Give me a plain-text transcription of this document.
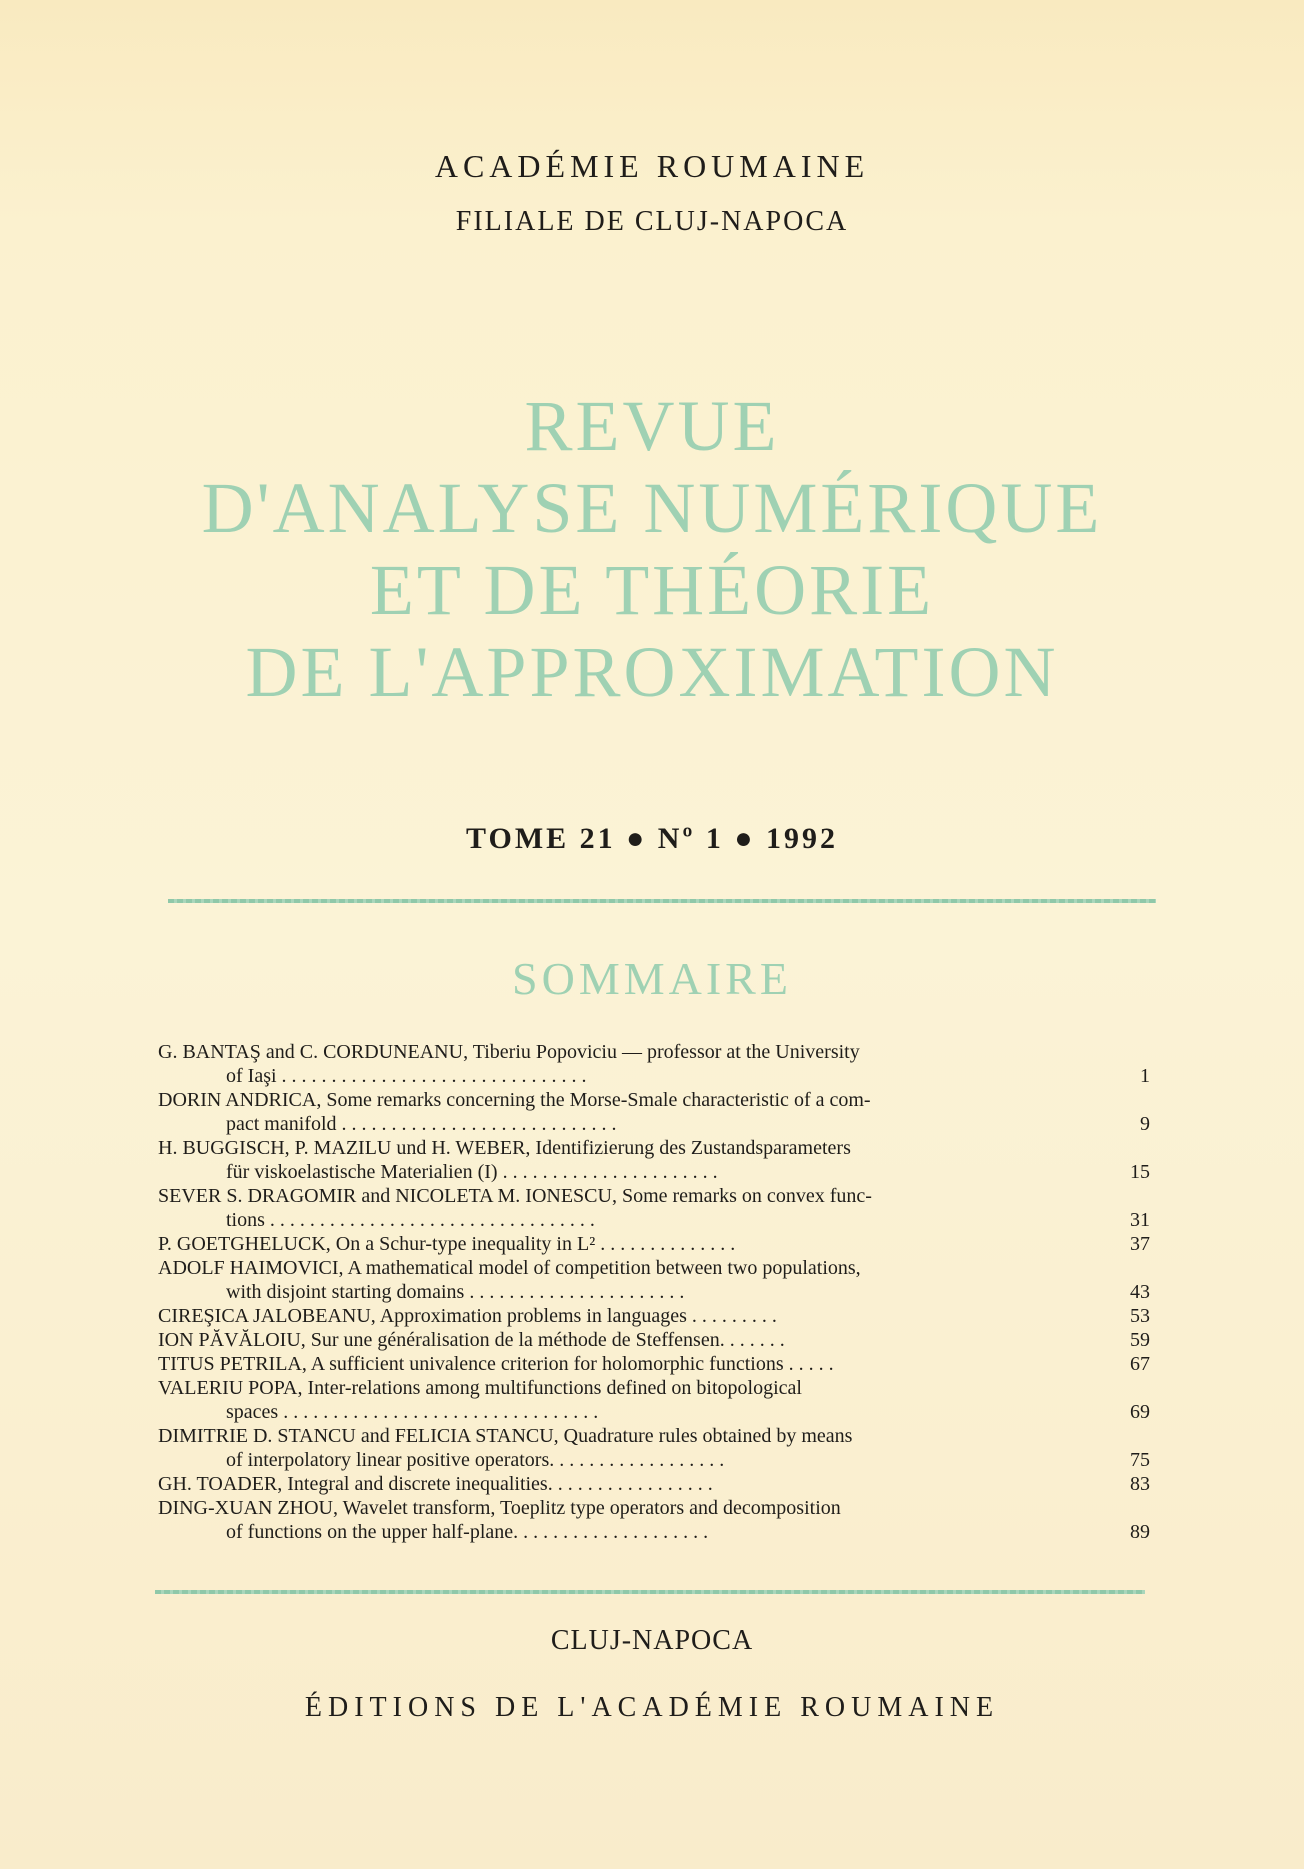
ACADÉMIE ROUMAINE
FILIALE DE CLUJ-NAPOCA
REVUE
D'ANALYSE NUMÉRIQUE
ET DE THÉORIE
DE L'APPROXIMATION
TOME 21 ● Nº 1 ● 1992
SOMMAIRE
G. BANTAŞ and C. CORDUNEANU, Tiberiu Popoviciu — professor at the University
of Iaşi . . . . . . . . . . . . . . . . . . . . . . . . . . . . . . .	1
DORIN ANDRICA, Some remarks concerning the Morse-Smale characteristic of a com-
pact manifold . . . . . . . . . . . . . . . . . . . . . . . . . . . .	9
H. BUGGISCH, P. MAZILU und H. WEBER, Identifizierung des Zustandsparameters
für viskoelastische Materialien (I) . . . . . . . . . . . . . . . . . . . . . .	15
SEVER S. DRAGOMIR and NICOLETA M. IONESCU, Some remarks on convex func-
tions . . . . . . . . . . . . . . . . . . . . . . . . . . . . . . . . .	31
P. GOETGHELUCK, On a Schur-type inequality in L² . . . . . . . . . . . . . .	37
ADOLF HAIMOVICI, A mathematical model of competition between two populations,
with disjoint starting domains . . . . . . . . . . . . . . . . . . . . . .	43
CIREŞICA JALOBEANU, Approximation problems in languages . . . . . . . . .	53
ION PĂVĂLOIU, Sur une généralisation de la méthode de Steffensen. . . . . . .	59
TITUS PETRILA, A sufficient univalence criterion for holomorphic functions . . . . .	67
VALERIU POPA, Inter-relations among multifunctions defined on bitopological
spaces . . . . . . . . . . . . . . . . . . . . . . . . . . . . . . . .	69
DIMITRIE D. STANCU and FELICIA STANCU, Quadrature rules obtained by means
of interpolatory linear positive operators. . . . . . . . . . . . . . . . . .	75
GH. TOADER, Integral and discrete inequalities. . . . . . . . . . . . . . . . .	83
DING-XUAN ZHOU, Wavelet transform, Toeplitz type operators and decomposition
of functions on the upper half-plane. . . . . . . . . . . . . . . . . . . .	89
CLUJ-NAPOCA
ÉDITIONS DE L'ACADÉMIE ROUMAINE
